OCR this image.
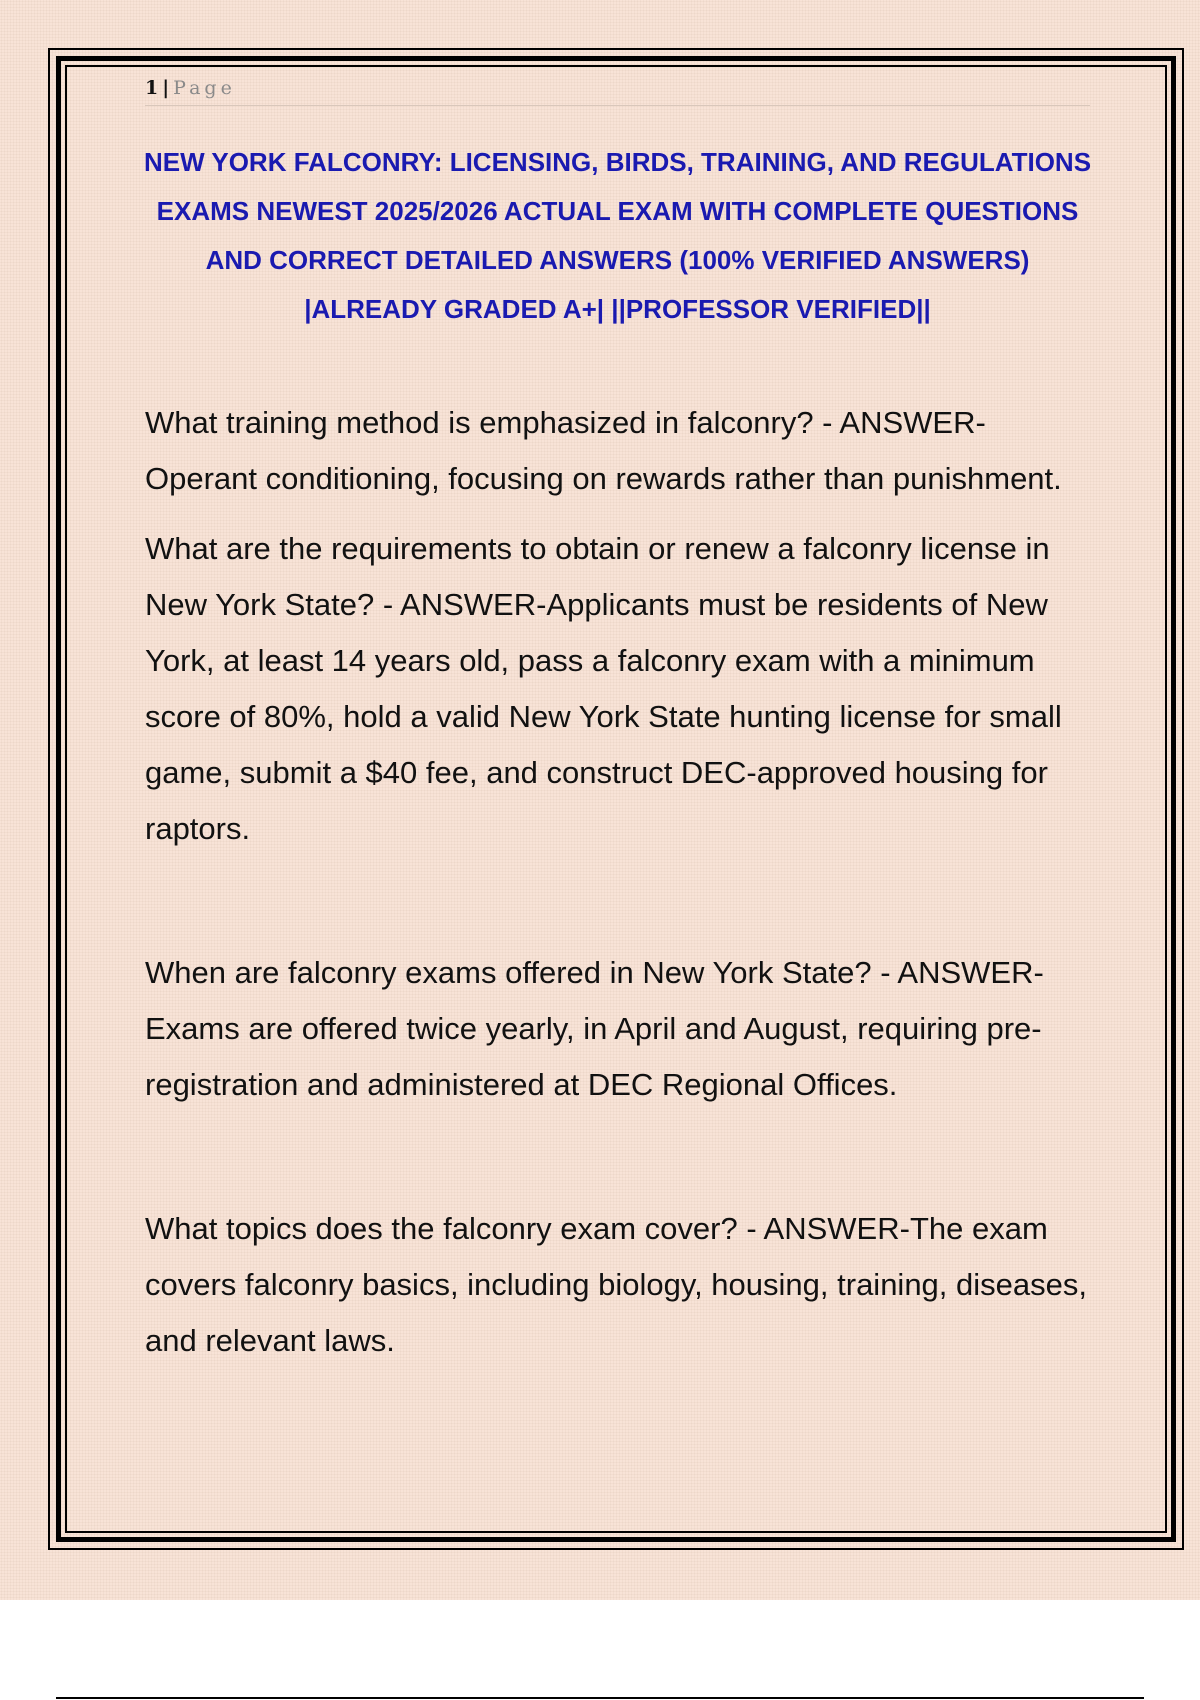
1 | Page
NEW YORK FALCONRY: LICENSING, BIRDS, TRAINING, AND REGULATIONS EXAMS NEWEST 2025/2026 ACTUAL EXAM WITH COMPLETE QUESTIONS AND CORRECT DETAILED ANSWERS (100% VERIFIED ANSWERS) |ALREADY GRADED A+| ||PROFESSOR VERIFIED||

What training method is emphasized in falconry? - ANSWER-Operant conditioning, focusing on rewards rather than punishment.

What are the requirements to obtain or renew a falconry license in New York State? - ANSWER-Applicants must be residents of New York, at least 14 years old, pass a falconry exam with a minimum score of 80%, hold a valid New York State hunting license for small game, submit a $40 fee, and construct DEC-approved housing for raptors.

When are falconry exams offered in New York State? - ANSWER-Exams are offered twice yearly, in April and August, requiring pre-registration and administered at DEC Regional Offices.

What topics does the falconry exam cover? - ANSWER-The exam covers falconry basics, including biology, housing, training, diseases, and relevant laws.
